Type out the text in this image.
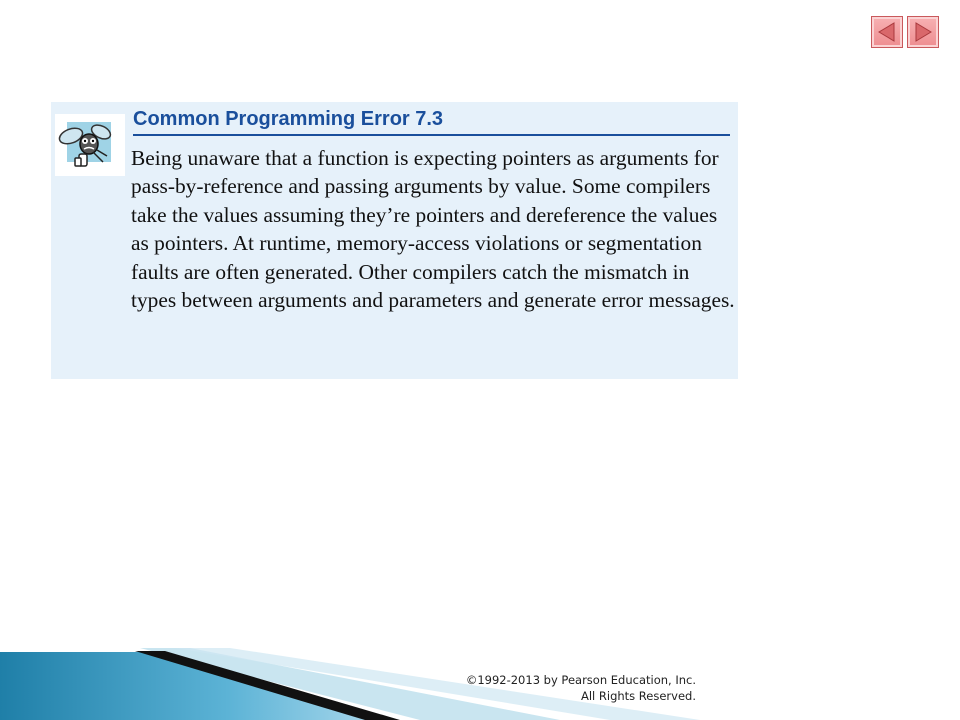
Common Programming Error 7.3

Being unaware that a function is expecting pointers as arguments for pass-by-reference and passing arguments by value. Some compilers take the values assuming they’re pointers and dereference the values as pointers. At runtime, memory-access violations or segmentation faults are often generated. Other compilers catch the mismatch in types between arguments and parameters and generate error messages.

©1992-2013 by Pearson Education, Inc.
All Rights Reserved.
